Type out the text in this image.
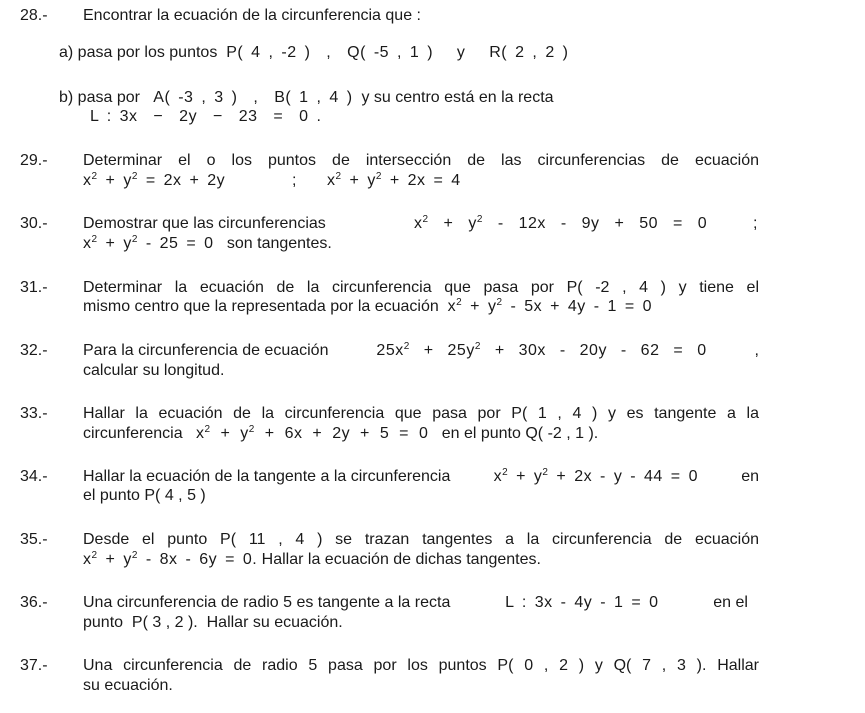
28.- Encontrar la ecuación de la circunferencia que :
a) pasa por los puntos P( 4 , -2 )  ,  Q( -5 , 1 )   y   R( 2 , 2 )
b) pasa por A( -3 , 3 )  ,  B( 1 , 4 ) y su centro está en la recta
L : 3x  −  2y  −  23  =  0 .
29.- Determinar el o los puntos de intersección de las circunferencias de ecuación
$x^2 + y^2 = 2x + 2y$	; $x^2 + y^2 + 2x = 4$
30.- Demostrar que las circunferencias	$x^2 + y^2 - 12x - 9y + 50 = 0$	;
$x^2 + y^2 - 25 = 0$ son tangentes.
31.- Determinar la ecuación de la circunferencia que pasa por P( -2 , 4 ) y tiene el
mismo centro que la representada por la ecuación $x^2 + y^2 - 5x + 4y - 1 = 0$
32.- Para la circunferencia de ecuación	$25x^2 + 25y^2 + 30x - 20y - 62 = 0$	,
calcular su longitud.
33.- Hallar la ecuación de la circunferencia que pasa por P( 1 , 4 ) y es tangente a la
circunferencia $x^2 + y^2 + 6x + 2y + 5 = 0$ en el punto Q( -2 , 1 ).
34.- Hallar la ecuación de la tangente a la circunferencia	$x^2 + y^2 + 2x - y - 44 = 0$	en
el punto P( 4 , 5 )
35.- Desde el punto P( 11 , 4 ) se trazan tangentes a la circunferencia de ecuación
$x^2 + y^2 - 8x - 6y = 0$. Hallar la ecuación de dichas tangentes.
36.- Una circunferencia de radio 5 es tangente a la recta	L : 3x - 4y - 1 = 0	en el
punto  P( 3 , 2 ).  Hallar su ecuación.
37.- Una circunferencia de radio 5 pasa por los puntos P( 0 , 2 ) y Q( 7 , 3 ). Hallar
su ecuación.
